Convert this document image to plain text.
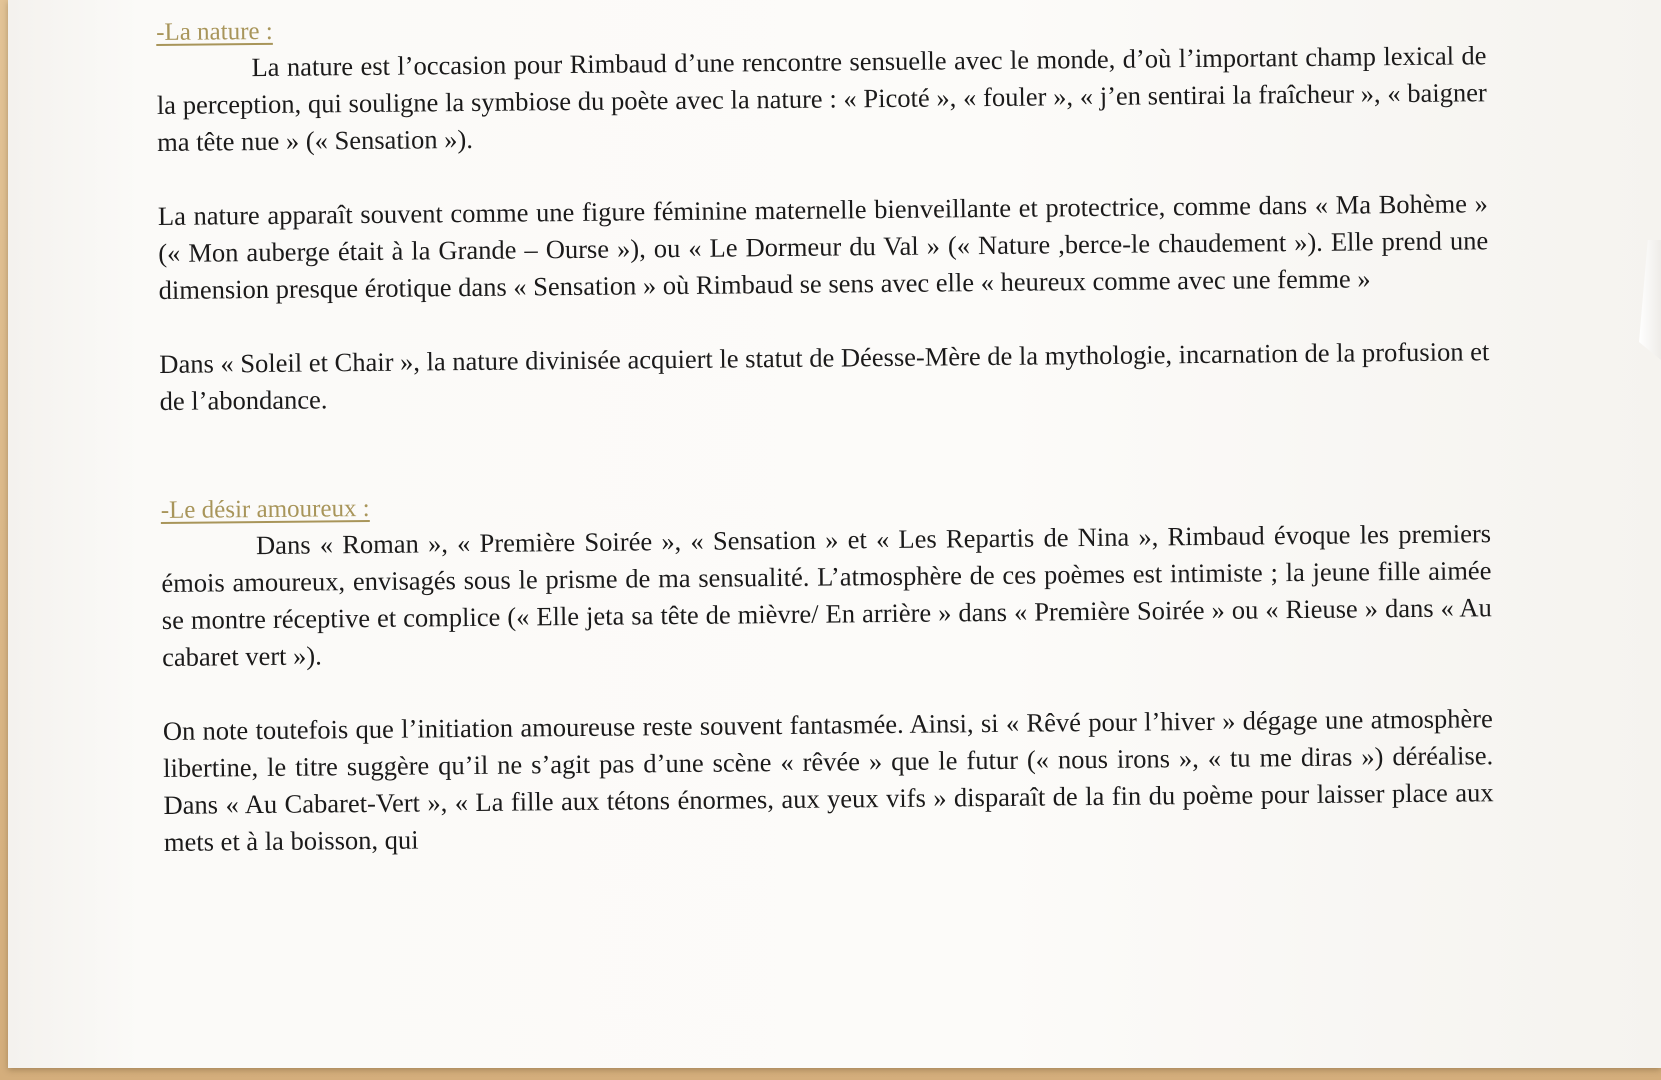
-La nature :

La nature est l’occasion pour Rimbaud d’une rencontre sensuelle avec le monde, d’où l’important champ lexical de la perception, qui souligne la symbiose du poète avec la nature : « Picoté », « fouler », « j’en sentirai la fraîcheur », « baigner ma tête nue » (« Sensation »).

La nature apparaît souvent comme une figure féminine maternelle bienveillante et protectrice, comme dans « Ma Bohème » (« Mon auberge était à la Grande – Ourse »), ou « Le Dormeur du Val » (« Nature ,berce-le chaudement »). Elle prend une dimension presque érotique dans « Sensation » où Rimbaud se sens avec elle « heureux comme avec une femme »

Dans « Soleil et Chair », la nature divinisée acquiert le statut de Déesse-Mère de la mythologie, incarnation de la profusion et de l’abondance.

-Le désir amoureux :

Dans « Roman », « Première Soirée », « Sensation » et « Les Repartis de Nina », Rimbaud évoque les premiers émois amoureux, envisagés sous le prisme de ma sensualité. L’atmosphère de ces poèmes est intimiste ; la jeune fille aimée se montre réceptive et complice (« Elle jeta sa tête de mièvre/ En arrière » dans « Première Soirée » ou « Rieuse » dans « Au cabaret vert »).

On note toutefois que l’initiation amoureuse reste souvent fantasmée. Ainsi, si « Rêvé pour l’hiver » dégage une atmosphère libertine, le titre suggère qu’il ne s’agit pas d’une scène « rêvée » que le futur (« nous irons », « tu me diras ») déréalise. Dans « Au Cabaret-Vert », « La fille aux tétons énormes, aux yeux vifs » disparaît de la fin du poème pour laisser place aux mets et à la boisson, qui
